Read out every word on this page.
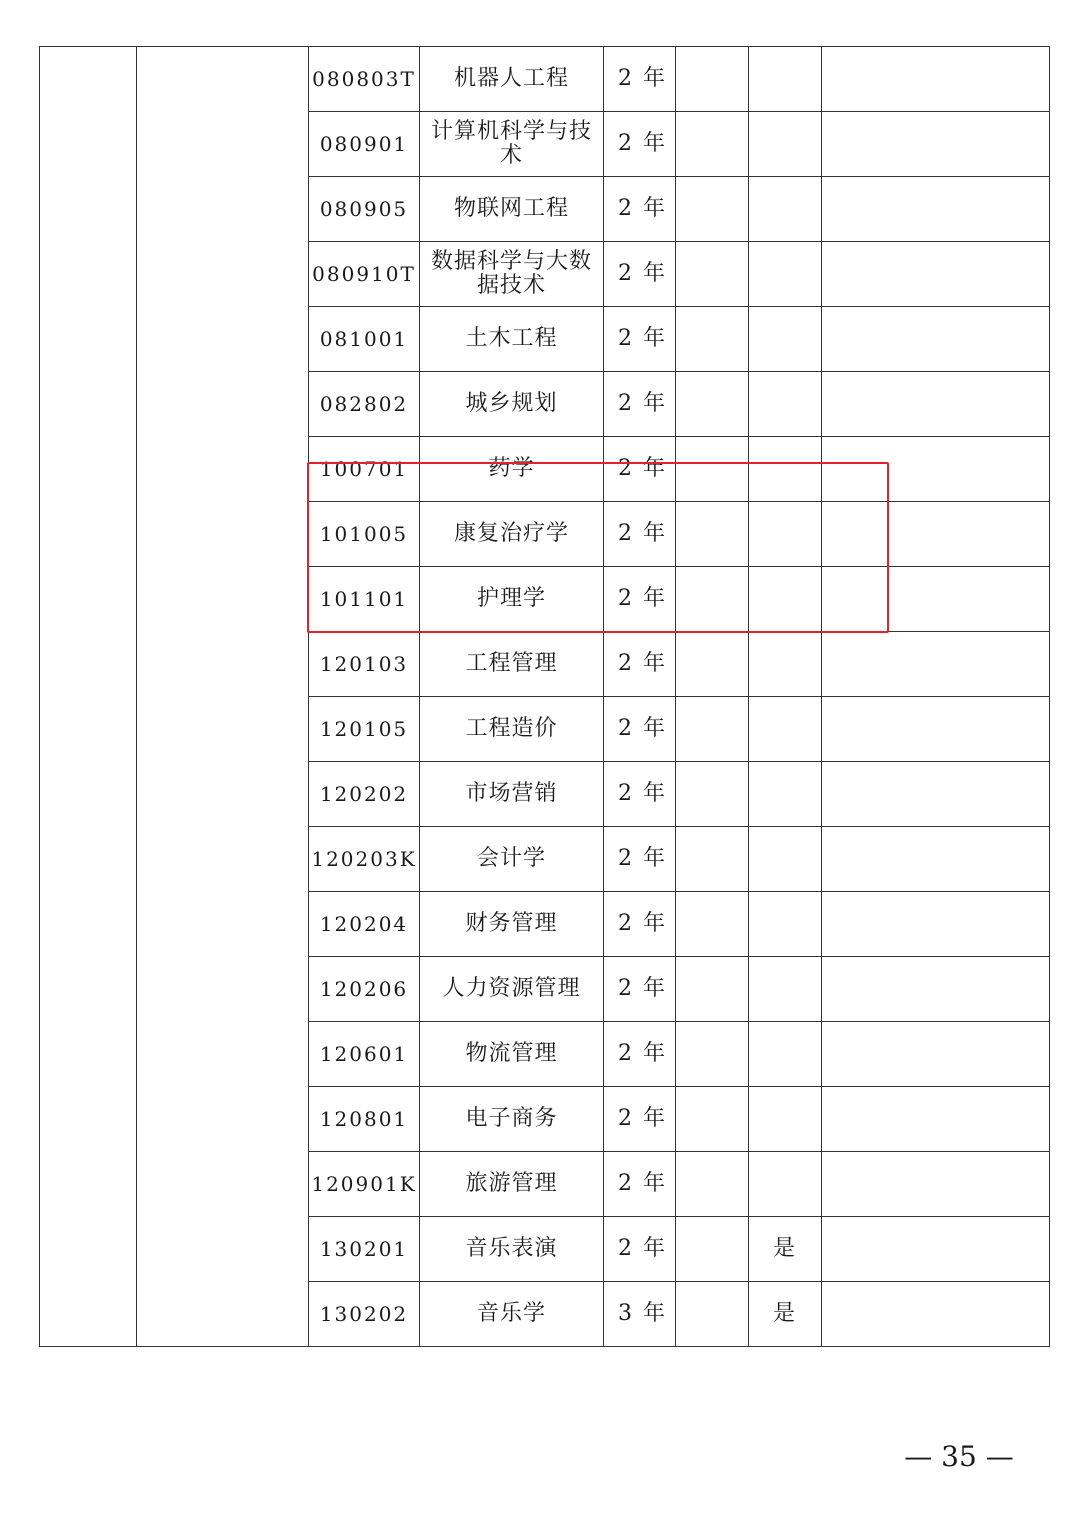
		080803T	机器人工程	2 年			
		080901	计算机科学与技术	2 年			
		080905	物联网工程	2 年			
		080910T	数据科学与大数据技术	2 年			
		081001	土木工程	2 年			
		082802	城乡规划	2 年			
		100701	药学	2 年			
		101005	康复治疗学	2 年			
		101101	护理学	2 年			
		120103	工程管理	2 年			
		120105	工程造价	2 年			
		120202	市场营销	2 年			
		120203K	会计学	2 年			
		120204	财务管理	2 年			
		120206	人力资源管理	2 年			
		120601	物流管理	2 年			
		120801	电子商务	2 年			
		120901K	旅游管理	2 年			
		130201	音乐表演	2 年		是	
		130202	音乐学	3 年		是	
— 35 —
